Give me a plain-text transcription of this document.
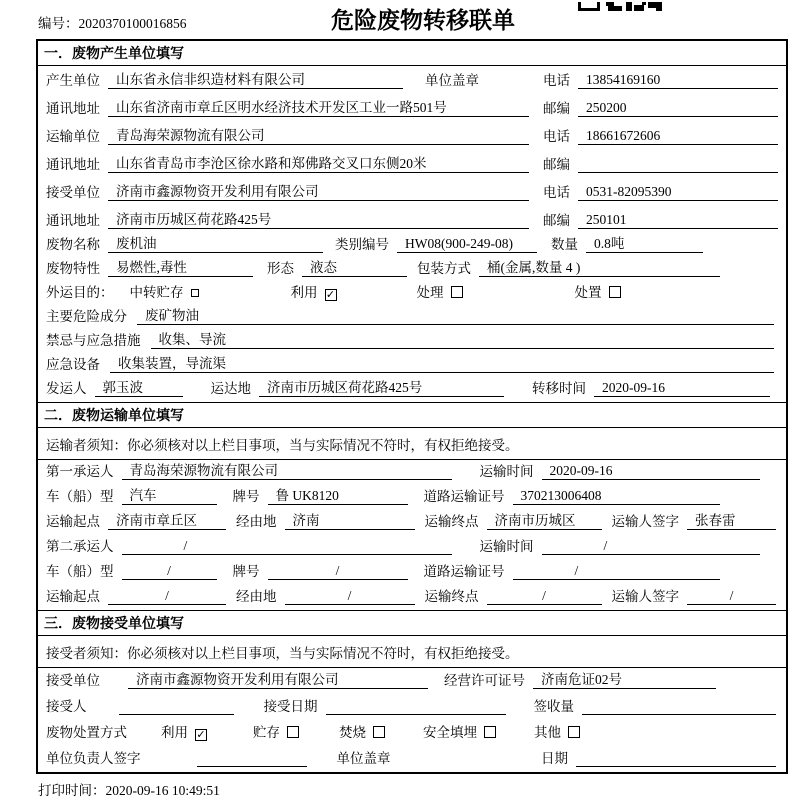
编号：2020370100016856	危险废物转移联单
一．废物产生单位填写
产生单位	山东省永信非织造材料有限公司	单位盖章	电话	13854169160
通讯地址	山东省济南市章丘区明水经济技术开发区工业一路501号	邮编	250200
运输单位	青岛海荣源物流有限公司	电话	18661672606
通讯地址	山东省青岛市李沧区徐水路和郑佛路交叉口东侧20米	邮编
接受单位	济南市鑫源物资开发利用有限公司	电话	0531-82095390
通讯地址	济南市历城区荷花路425号	邮编	250101
废物名称	废机油	类别编号	HW08(900-249-08)	数量	0.8吨
废物特性	易燃性,毒性	形态	液态	包装方式	桶(金属,数量 4 )
外运目的： 中转贮存	利用 ✓	处理	处置
主要危险成分	废矿物油
禁忌与应急措施	收集、导流
应急设备	收集装置，导流渠
发运人	郭玉波	运达地	济南市历城区荷花路425号	转移时间	2020-09-16
二．废物运输单位填写
运输者须知：你必须核对以上栏目事项，当与实际情况不符时，有权拒绝接受。
第一承运人	青岛海荣源物流有限公司	运输时间	2020-09-16
车（船）型	汽车	牌号	鲁 UK8120	道路运输证号	370213006408
运输起点	济南市章丘区	经由地	济南	运输终点	济南市历城区	运输人签字	张春雷
第二承运人	/	运输时间	/
车（船）型	/	牌号	/	道路运输证号	/
运输起点	/	经由地	/	运输终点	/	运输人签字	/
三．废物接受单位填写
接受者须知：你必须核对以上栏目事项，当与实际情况不符时，有权拒绝接受。
接受单位	济南市鑫源物资开发利用有限公司	经营许可证号	济南危证02号
接受人	接受日期	签收量
废物处置方式	利用 ✓	贮存	焚烧	安全填埋	其他
单位负责人签字	单位盖章	日期
打印时间：2020-09-16 10:49:51
